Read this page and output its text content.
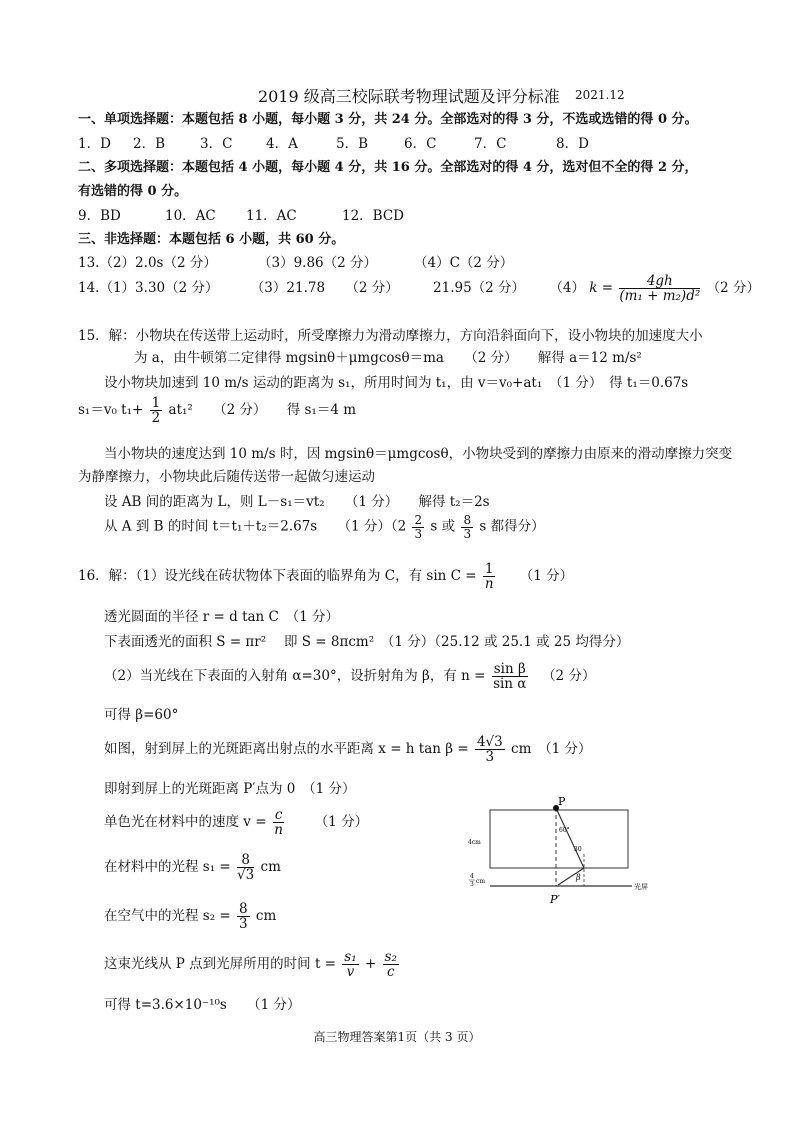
2019 级高三校际联考物理试题及评分标准 2021.12
一、单项选择题：本题包括 8 小题，每小题 3 分，共 24 分。全部选对的得 3 分，不选或选错的得 0 分。
1．D 2．B	3．C 4．A	5．B	6．C	7．C	8．D
二、多项选择题：本题包括 4 小题，每小题 4 分，共 16 分。全部选对的得 4 分，选对但不全的得 2 分，
有选错的得 0 分。
9．BD	10．AC 11．AC	12．BCD
三、非选择题：本题包括 6 小题，共 60 分。
13.（2）2.0s（2 分）	（3）9.86（2 分）	（4）C（2 分）
14.（1）3.30（2 分） （3）21.78 （2 分）	21.95（2 分） （4） $k = \frac{4gh}{\text{(m₁ + m₂)d²}} (2$ 分）
15．解：小物块在传送带上运动时，所受摩擦力为滑动摩擦力，方向沿斜面向下，设小物块的加速度大小
为 a，由牛顿第二定律得 mgsinθ＋μmgcosθ＝ma　　（2 分）　　解得 a＝12 m/s²
设小物块加速到 10 m/s 运动的距离为 s₁，所用时间为 t₁，由 v＝v₀+at₁　（1 分）　得 t₁＝0.67s
s₁＝v₀ $t_1+ \frac{1}{2} at_1^2$　　（2 分）　　得 s₁＝4 m
当小物块的速度达到 10 m/s 时，因 mgsinθ＝μmgcosθ，小物块受到的摩擦力由原来的滑动摩擦力突变
为静摩擦力，小物块此后随传送带一起做匀速运动
设 AB 间的距离为 L，则 L－s₁＝vt₂　　（1 分）　　解得 t₂＝2s
从 A 到 B 的时间 t＝t₁＋t₂＝2.67s　　（1 分）（$2 \frac{2}{3}$ s 或 $\frac{8}{3}$ s 都得分）
16．解：（1）设光线在砖状物体下表面的临界角为 C，有 $\sin C = \frac{1}{n} (1$ 分）
透光圆面的半径 r = d tan C　（1 分）
下表面透光的面积 S = πr²　 即 S = 8πcm²　（1 分）（25.12 或 25.1 或 25 均得分）
（2）当光线在下表面的入射角 α=30°，设折射角为 β，有 $n = \frac{\text{sin β}}{\text{sin α}} (2$ 分）
可得 β=60°
如图，射到屏上的光斑距离出射点的水平距离 x = h $\tan \beta = \frac{4√3}{3}$ cm　（1 分）
即射到屏上的光斑距离 P′点为 0　（1 分）
单色光在材料中的速度 $v = \frac{c}{n} (1$ 分）
在材料中的光程 $s_1 = \frac{8}{√3}$ cm
在空气中的光程 $s_2 = \frac{8}{3}$ cm
这束光线从 P 点到光屏所用的时间 $t = \frac{\text{s₁}}{v} + \frac{\text{s₂}}{c}$
可得 t=3.6×10⁻¹⁰s　　（1 分）
P
P′
4cm
4
3 cm
60°
30
β
光屏
高三物理答案第1页（共 3 页）
